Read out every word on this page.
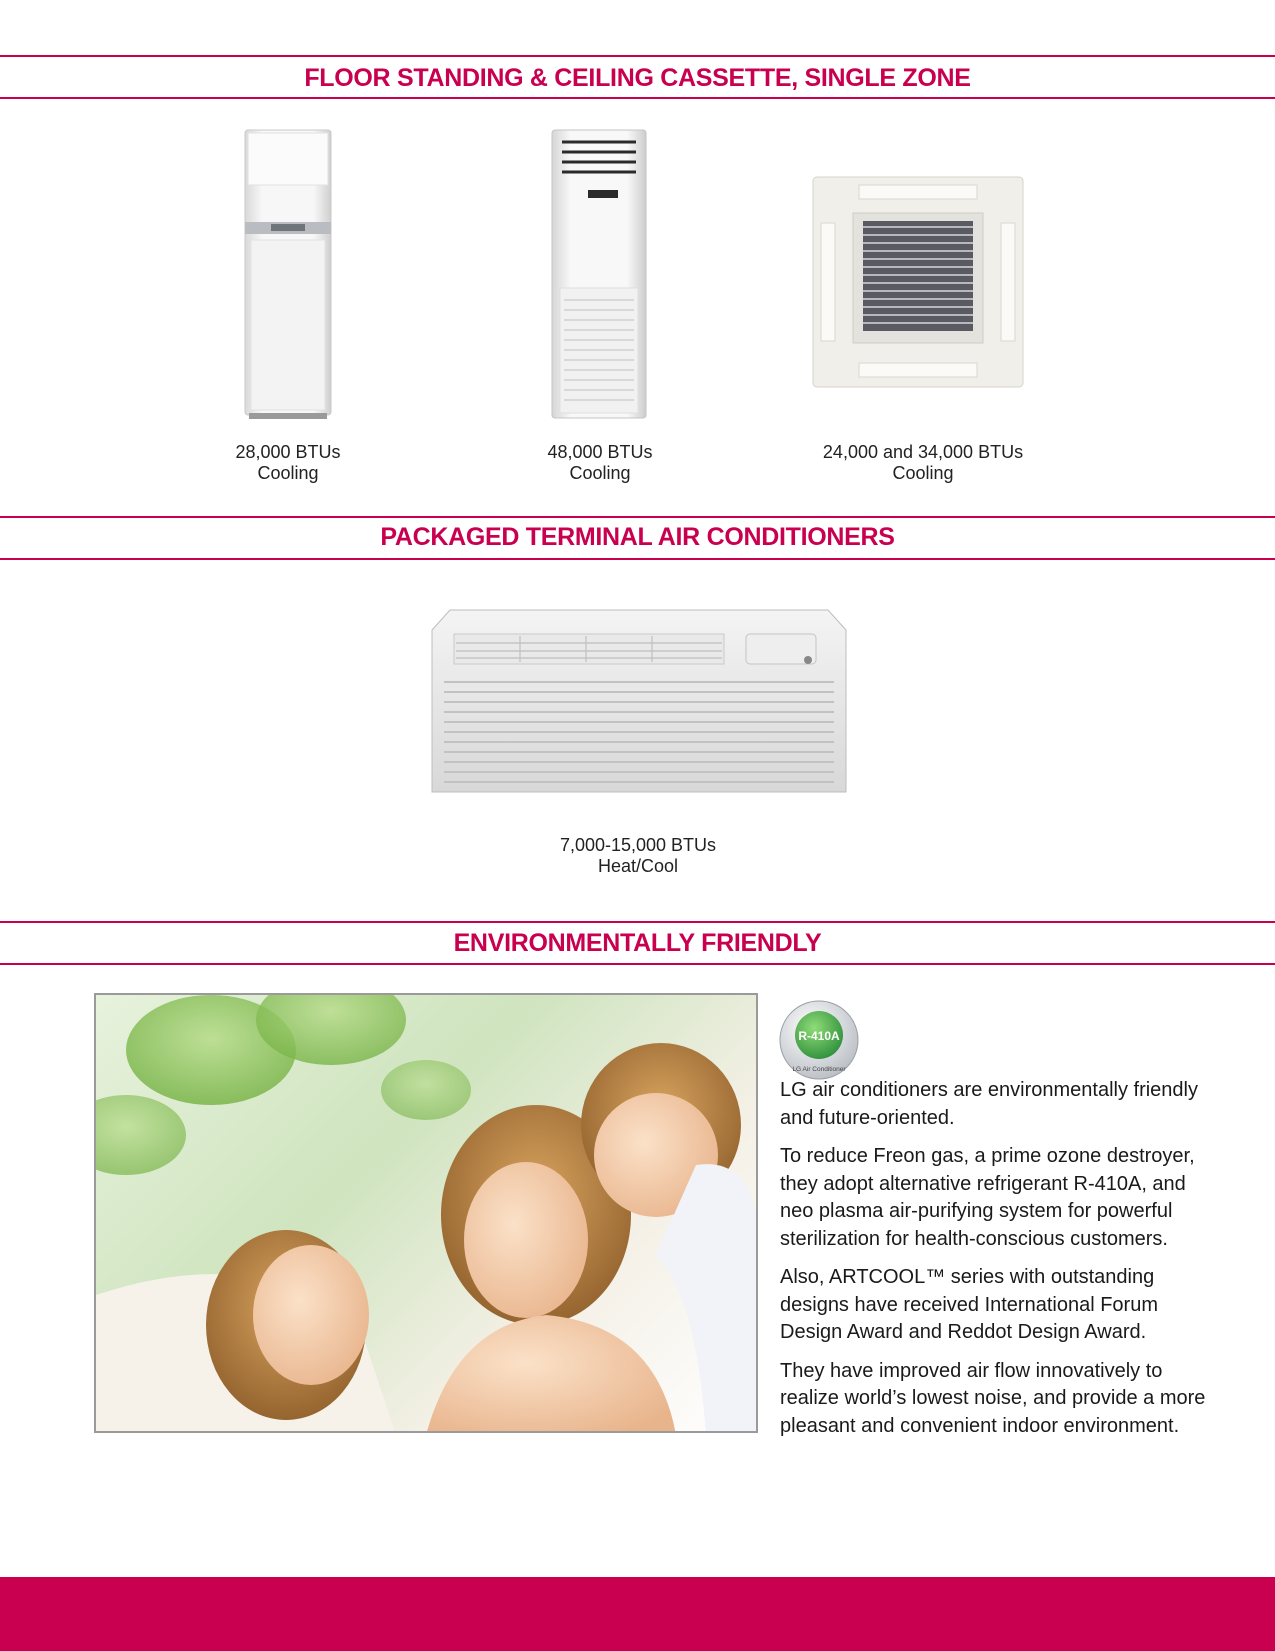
FLOOR STANDING & CEILING CASSETTE, SINGLE ZONE
28,000 BTUs
Cooling
48,000 BTUs
Cooling
24,000 and 34,000 BTUs
Cooling
PACKAGED TERMINAL AIR CONDITIONERS
7,000-15,000 BTUs
Heat/Cool
ENVIRONMENTALLY FRIENDLY
R-410A
LG Air Conditioner

LG air conditioners are environmentally friendly and future-oriented.

To reduce Freon gas, a prime ozone destroyer, they adopt alternative refrigerant R-410A, and neo plasma air-purifying system for powerful sterilization for health-conscious customers.

Also, ARTCOOL™ series with outstanding designs have received International Forum Design Award and Reddot Design Award.

They have improved air flow innovatively to realize world’s lowest noise, and provide a more pleasant and convenient indoor environment.
